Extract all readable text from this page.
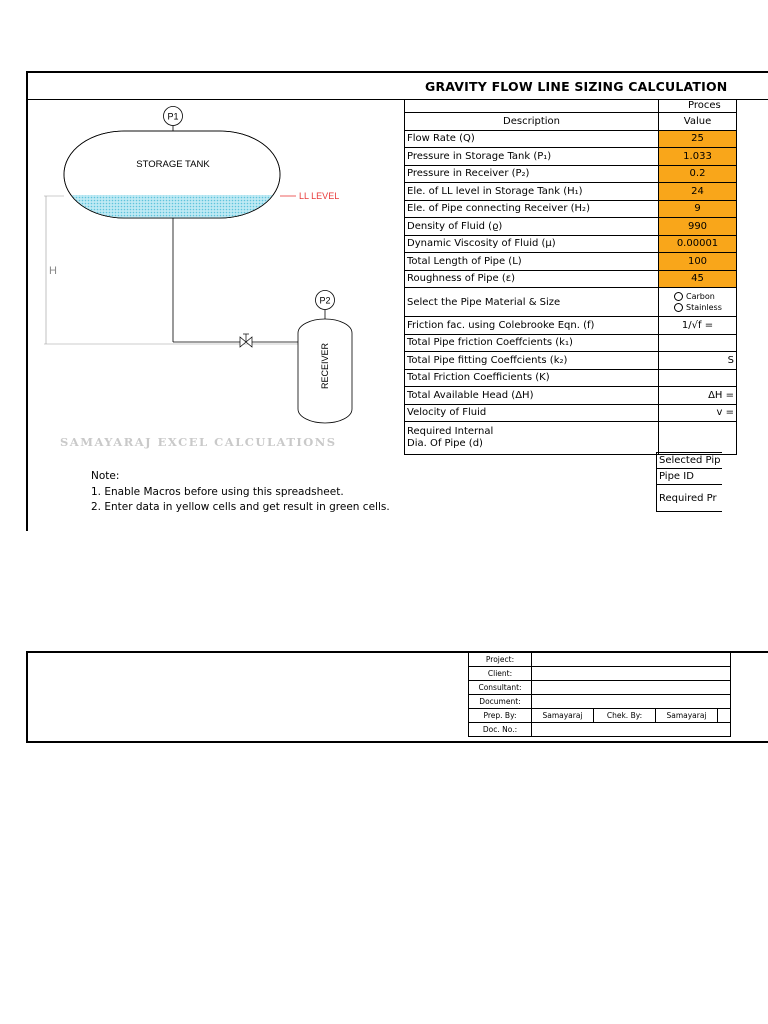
GRAVITY FLOW LINE SIZING CALCULATION
Proces
P1
STORAGE TANK
LL LEVEL
H
P2
RECEIVER
SAMAYARAJ EXCEL CALCULATIONS

Description	Value
Flow Rate (Q)	25
Pressure in Storage Tank (P₁)	1.033
Pressure in Receiver (P₂)	0.2
Ele. of LL level in Storage Tank (H₁)	24
Ele. of Pipe connecting Receiver (H₂)	9
Density of Fluid (ϱ)	990
Dynamic Viscosity of Fluid (μ)	0.00001
Total Length of Pipe (L)	100
Roughness of Pipe (ε)	45
Select the Pipe Material & Size	Carbon
Stainless

Friction fac. using Colebrooke Eqn. (f)	1/√f =
Total Pipe friction Coeffcients (k₁)	
Total Pipe fitting Coeffcients (k₂)	S
Total Friction Coefficients (K)	
Total Available Head (ΔH)	ΔH =
Velocity of Fluid	v =

Required Internal
Dia. Of Pipe (d)	

Selected Pip
Pipe ID
Required Pr
Note:
1. Enable Macros before using this spreadsheet.
2. Enter data in yellow cells and get result in green cells.
Project:				
Client:				
Consultant:				
Document:				
Prep. By:	Samayaraj	Chek. By:	Samayaraj	
Doc. No.:				
